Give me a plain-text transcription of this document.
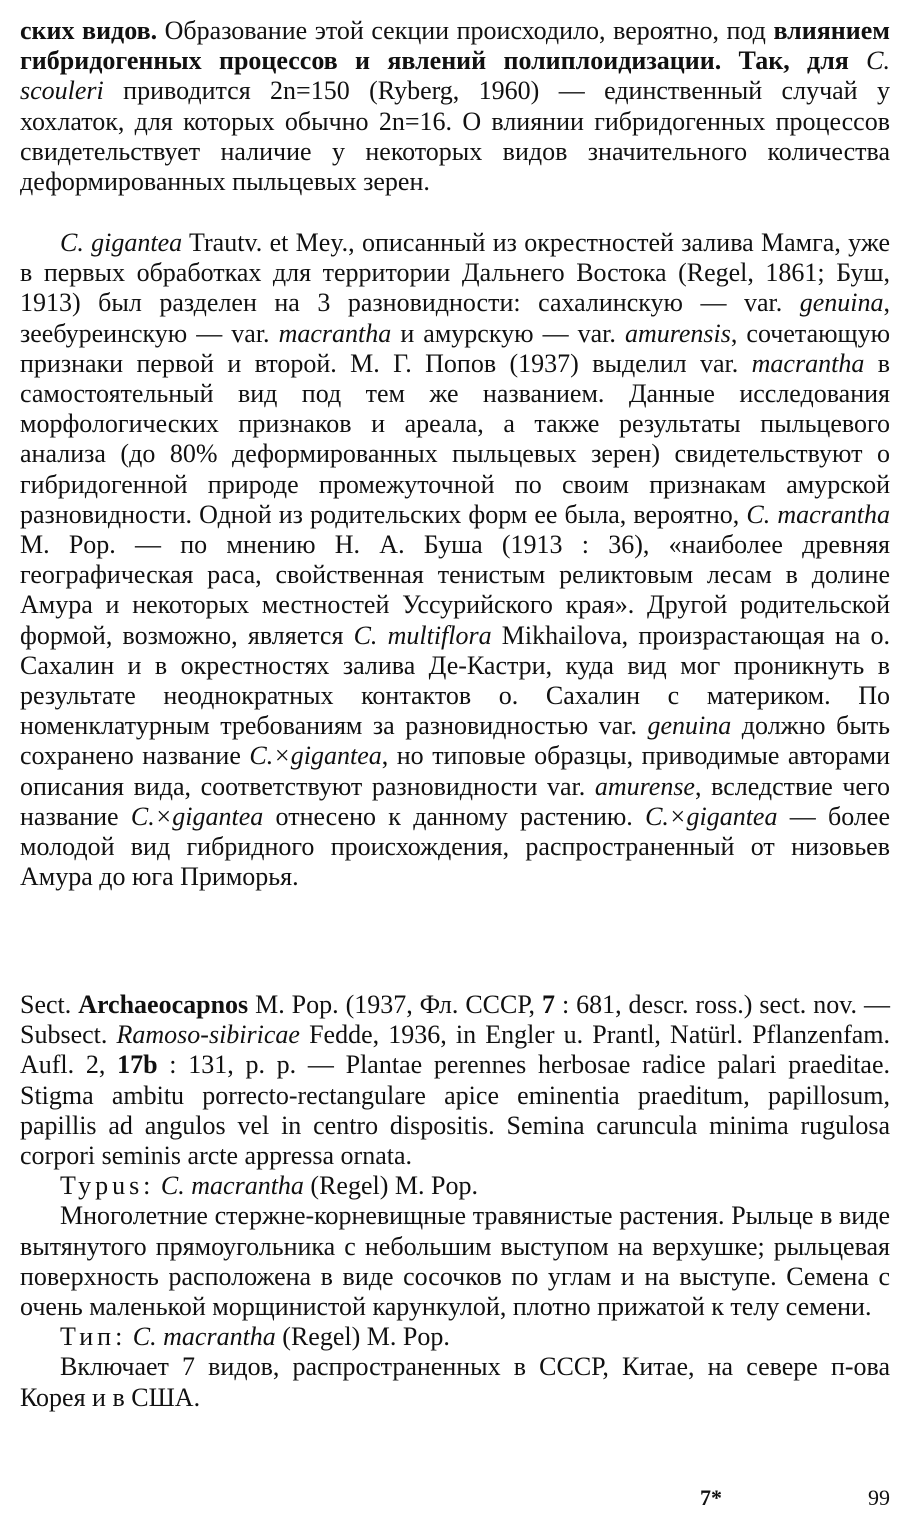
ских видов. Образование этой секции происходило, вероятно, под влиянием гибридогенных процессов и явлений полиплоидизации. Так, для C. scouleri приводится 2n=150 (Ryberg, 1960) — единственный случай у хохлаток, для которых обычно 2n=16. О влиянии гибридогенных процессов свидетельствует наличие у некоторых видов значительного количества деформированных пыльцевых зерен.

C. gigantea Trautv. et Mey., описанный из окрестностей залива Мамга, уже в первых обработках для территории Дальнего Востока (Regel, 1861; Буш, 1913) был разделен на 3 разновидности: сахалинскую — var. genuina, зеебуреинскую — var. macrantha и амурскую — var. amurensis, сочетающую признаки первой и второй. М. Г. Попов (1937) выделил var. macrantha в самостоятельный вид под тем же названием. Данные исследования морфологических признаков и ареала, а также результаты пыльцевого анализа (до 80% деформированных пыльцевых зерен) свидетельствуют о гибридогенной природе промежуточной по своим признакам амурской разновидности. Одной из родительских форм ее была, вероятно, C. macrantha M. Pop. — по мнению Н. А. Буша (1913 : 36), «наиболее древняя географическая раса, свойственная тенистым реликтовым лесам в долине Амура и некоторых местностей Уссурийского края». Другой родительской формой, возможно, является C. multiflora Mikhailova, произрастающая на о. Сахалин и в окрестностях залива Де-Кастри, куда вид мог проникнуть в результате неоднократных контактов о. Сахалин с материком. По номенклатурным требованиям за разновидностью var. genuina должно быть сохранено название C.×gigantea, но типовые образцы, приводимые авторами описания вида, соответствуют разновидности var. amurense, вследствие чего название C.×gigantea отнесено к данному растению. C.×gigantea — более молодой вид гибридного происхождения, распространенный от низовьев Амура до юга Приморья.

Sect. Archaeocapnos M. Pop. (1937, Фл. СССР, 7 : 681, descr. ross.) sect. nov. — Subsect. Ramoso-sibiricae Fedde, 1936, in Engler u. Prantl, Natürl. Pflanzenfam. Aufl. 2, 17b : 131, p. p. — Plantae perennes herbosae radice palari praeditae. Stigma ambitu porrecto-rectangulare apice eminentia praeditum, papillosum, papillis ad angulos vel in centro dispositis. Semina caruncula minima rugulosa corpori seminis arcte appressa ornata.

Typus: C. macrantha (Regel) M. Pop.

Многолетние стержне-корневищные травянистые растения. Рыльце в виде вытянутого прямоугольника с небольшим выступом на верхушке; рыльцевая поверхность расположена в виде сосочков по углам и на выступе. Семена с очень маленькой морщинистой карункулой, плотно прижатой к телу семени.

Тип: C. macrantha (Regel) M. Pop.

Включает 7 видов, распространенных в СССР, Китае, на севере п-ова Корея и в США.

7*	99
